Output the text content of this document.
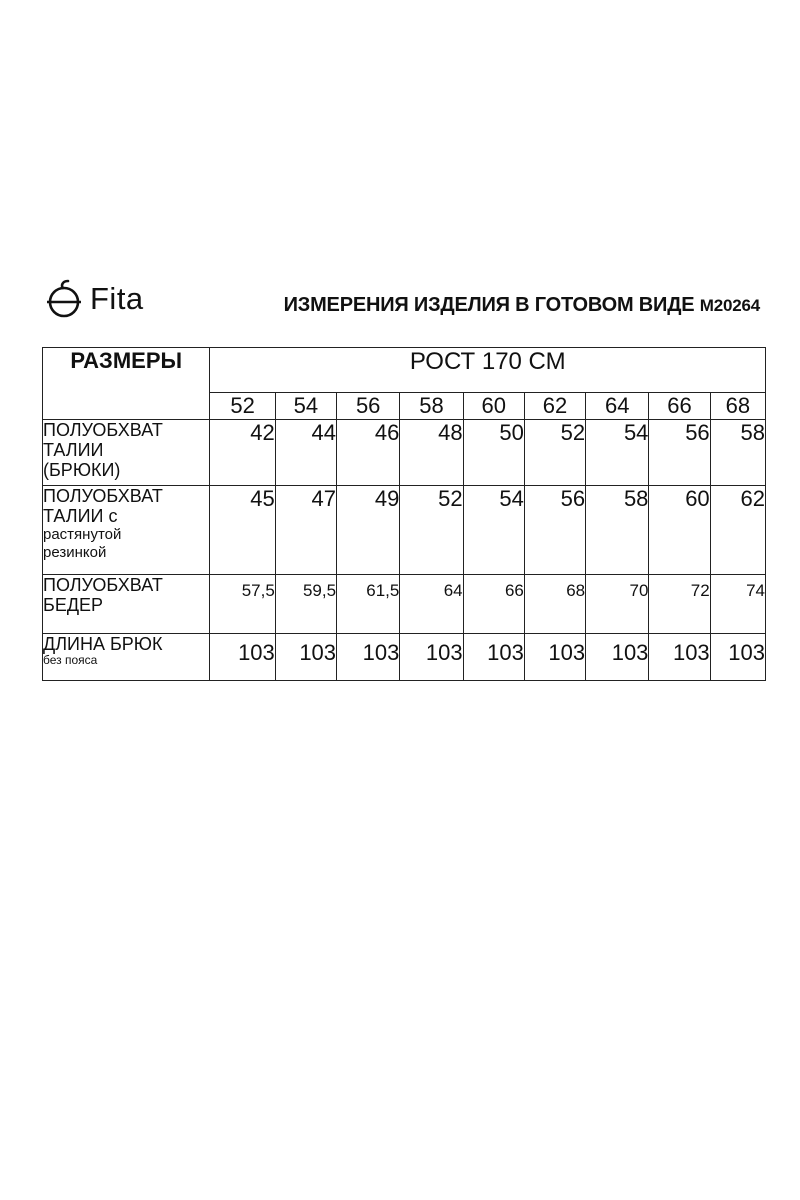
Fita	ИЗМЕРЕНИЯ ИЗДЕЛИЯ В ГОТОВОМ ВИДЕ М20264
РАЗМЕРЫ	РОСТ 170 СМ								
	52	54	56	58	60	62	64	66	68
ПОЛУОБХВАТ
ТАЛИИ
(БРЮКИ)	42	44	46	48	50	52	54	56	58
ПОЛУОБХВАТ
ТАЛИИ с
растянутой
резинкой	45	47	49	52	54	56	58	60	62
ПОЛУОБХВАТ
БЕДЕР	57,5	59,5	61,5	64	66	68	70	72	74
ДЛИНА БРЮК
без пояса	103	103	103	103	103	103	103	103	103
